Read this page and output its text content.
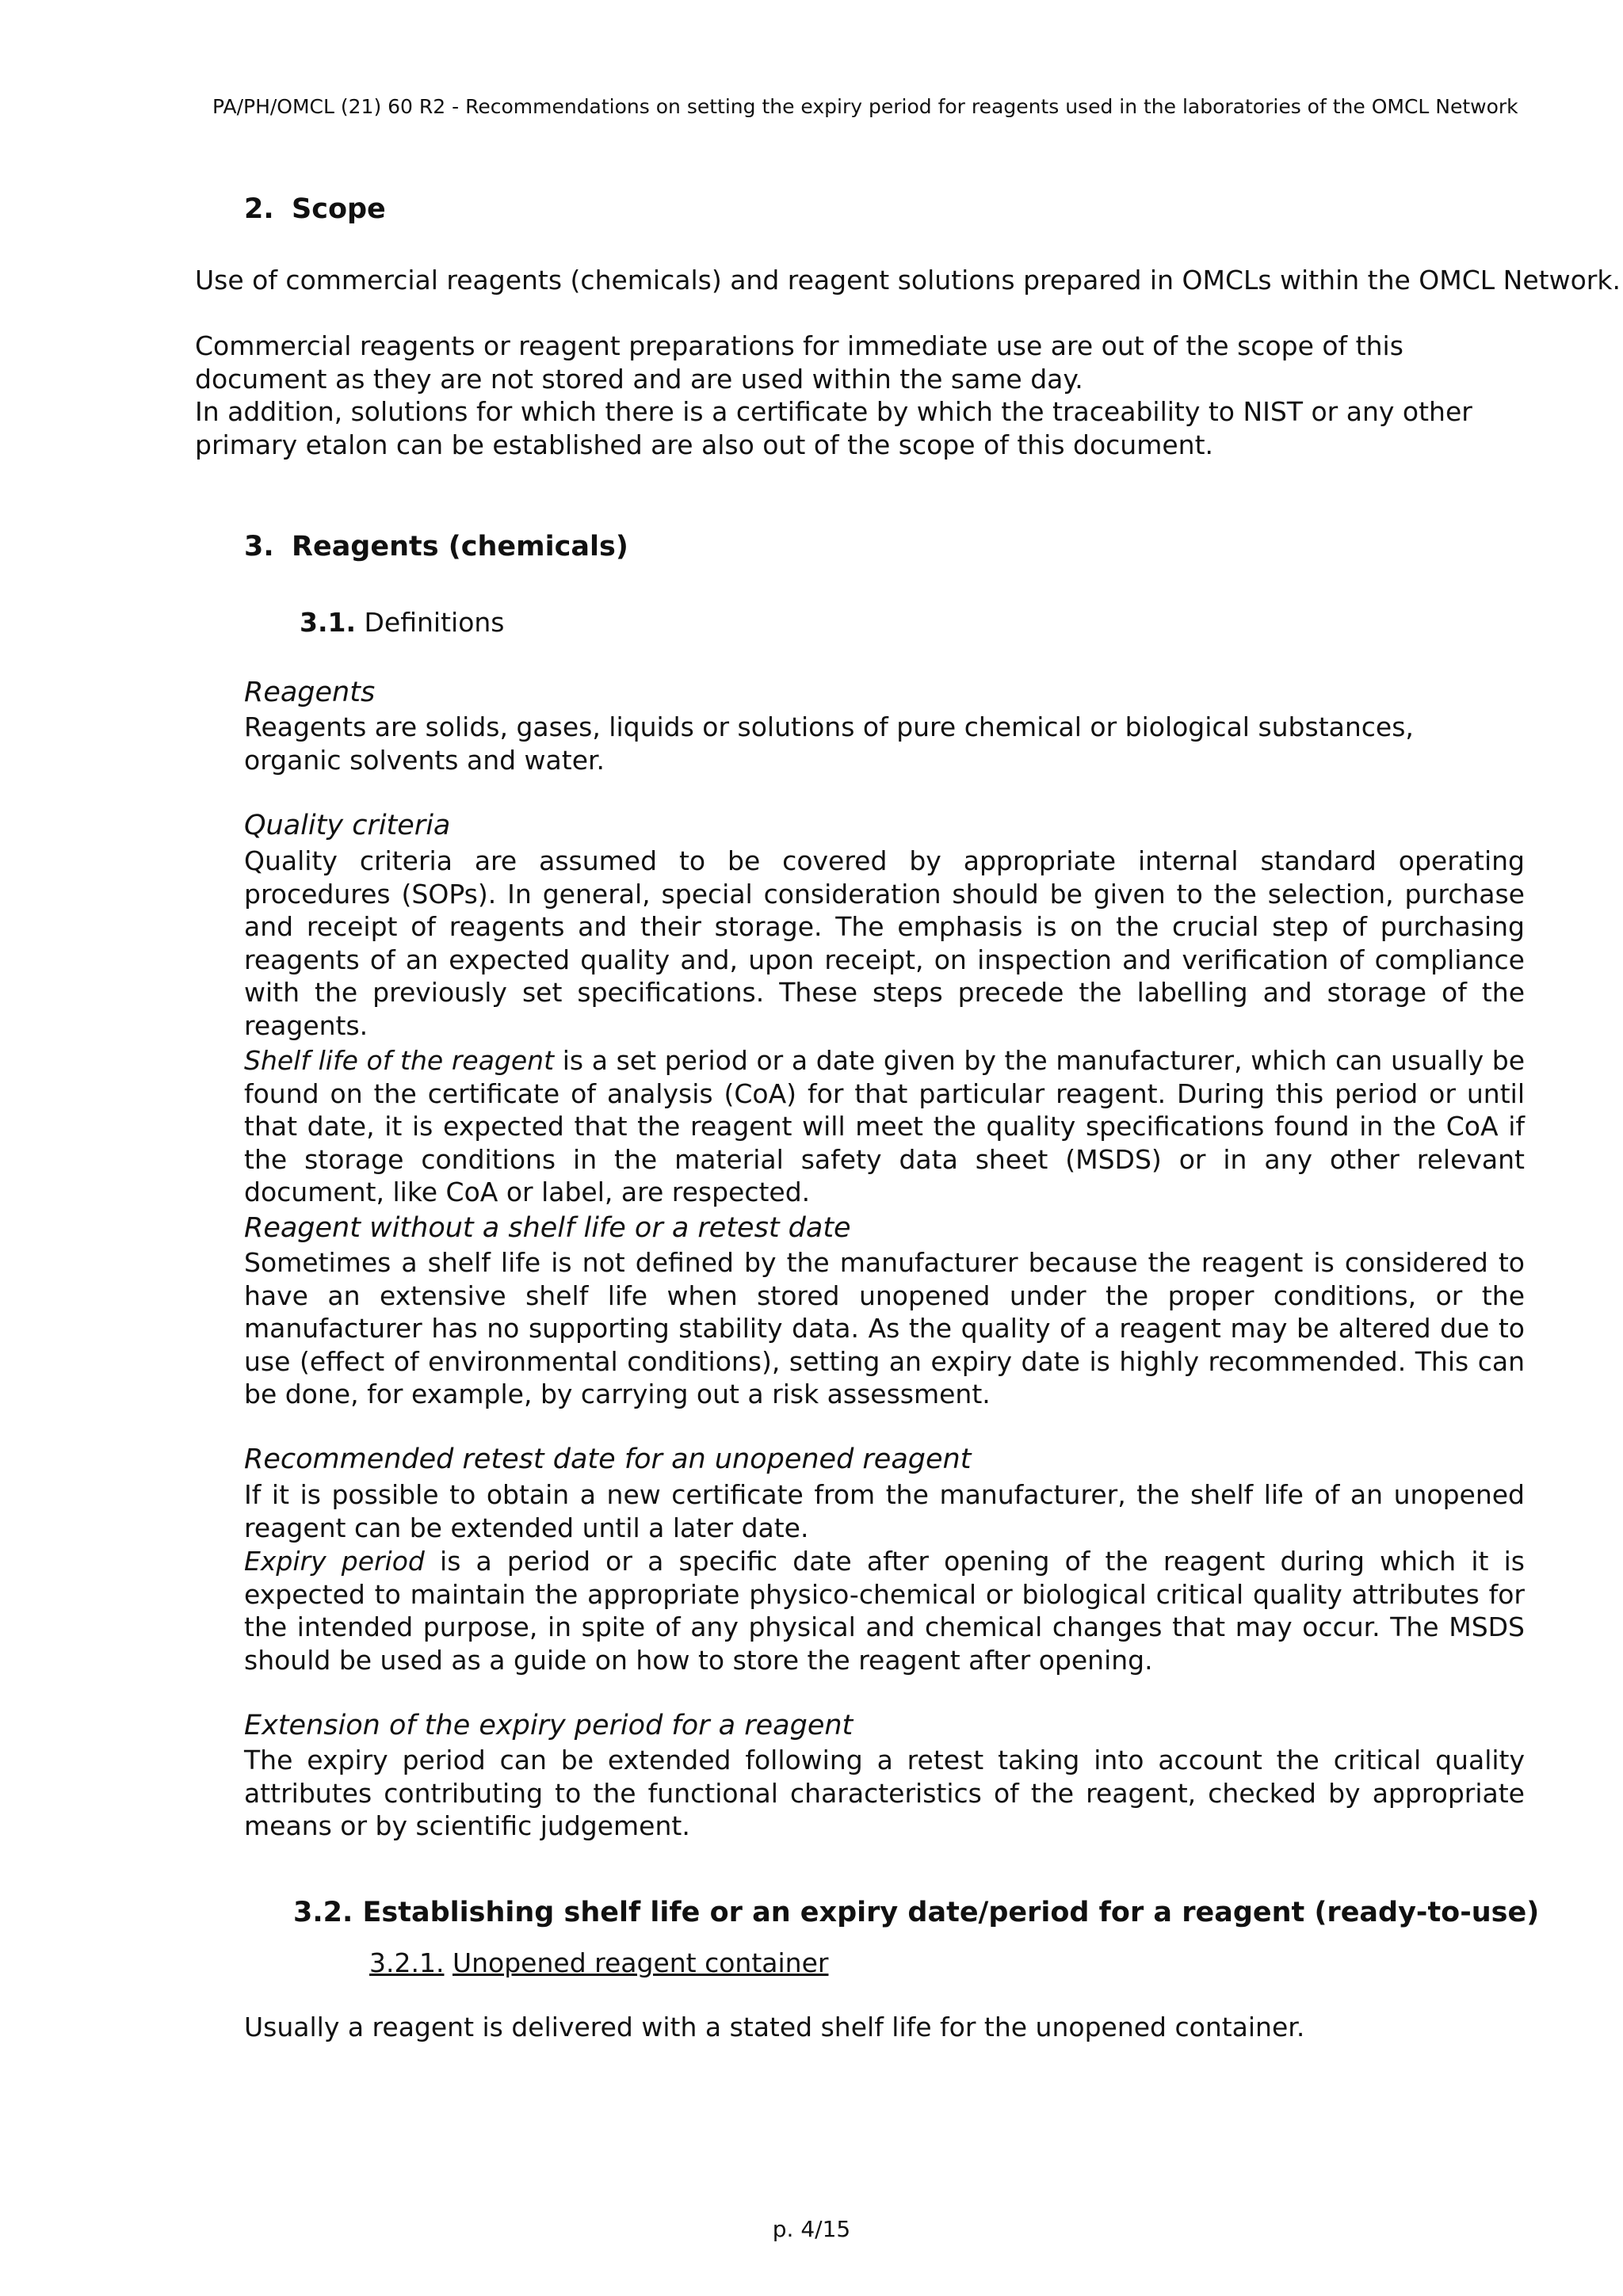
PA/PH/OMCL (21) 60 R2 - Recommendations on setting the expiry period for reagents used in the laboratories of the OMCL Network
2. Scope
Use of commercial reagents (chemicals) and reagent solutions prepared in OMCLs within the OMCL Network.
Commercial reagents or reagent preparations for immediate use are out of the scope of this document as they are not stored and are used within the same day.
In addition, solutions for which there is a certificate by which the traceability to NIST or any other primary etalon can be established are also out of the scope of this document.
3. Reagents (chemicals)
3.1. Definitions
Reagents
Reagents are solids, gases, liquids or solutions of pure chemical or biological substances, organic solvents and water.
Quality criteria
Quality criteria are assumed to be covered by appropriate internal standard operating procedures (SOPs). In general, special consideration should be given to the selection, purchase and receipt of reagents and their storage. The emphasis is on the crucial step of purchasing reagents of an expected quality and, upon receipt, on inspection and verification of compliance with the previously set specifications. These steps precede the labelling and storage of the reagents.
Shelf life of the reagent is a set period or a date given by the manufacturer, which can usually be found on the certificate of analysis (CoA) for that particular reagent. During this period or until that date, it is expected that the reagent will meet the quality specifications found in the CoA if the storage conditions in the material safety data sheet (MSDS) or in any other relevant document, like CoA or label, are respected.
Reagent without a shelf life or a retest date
Sometimes a shelf life is not defined by the manufacturer because the reagent is considered to have an extensive shelf life when stored unopened under the proper conditions, or the manufacturer has no supporting stability data. As the quality of a reagent may be altered due to use (effect of environmental conditions), setting an expiry date is highly recommended. This can be done, for example, by carrying out a risk assessment.
Recommended retest date for an unopened reagent
If it is possible to obtain a new certificate from the manufacturer, the shelf life of an unopened reagent can be extended until a later date.
Expiry period is a period or a specific date after opening of the reagent during which it is expected to maintain the appropriate physico-chemical or biological critical quality attributes for the intended purpose, in spite of any physical and chemical changes that may occur. The MSDS should be used as a guide on how to store the reagent after opening.
Extension of the expiry period for a reagent
The expiry period can be extended following a retest taking into account the critical quality attributes contributing to the functional characteristics of the reagent, checked by appropriate means or by scientific judgement.
3.2. Establishing shelf life or an expiry date/period for a reagent (ready-to-use)
3.2.1. Unopened reagent container
Usually a reagent is delivered with a stated shelf life for the unopened container.
p. 4/15
